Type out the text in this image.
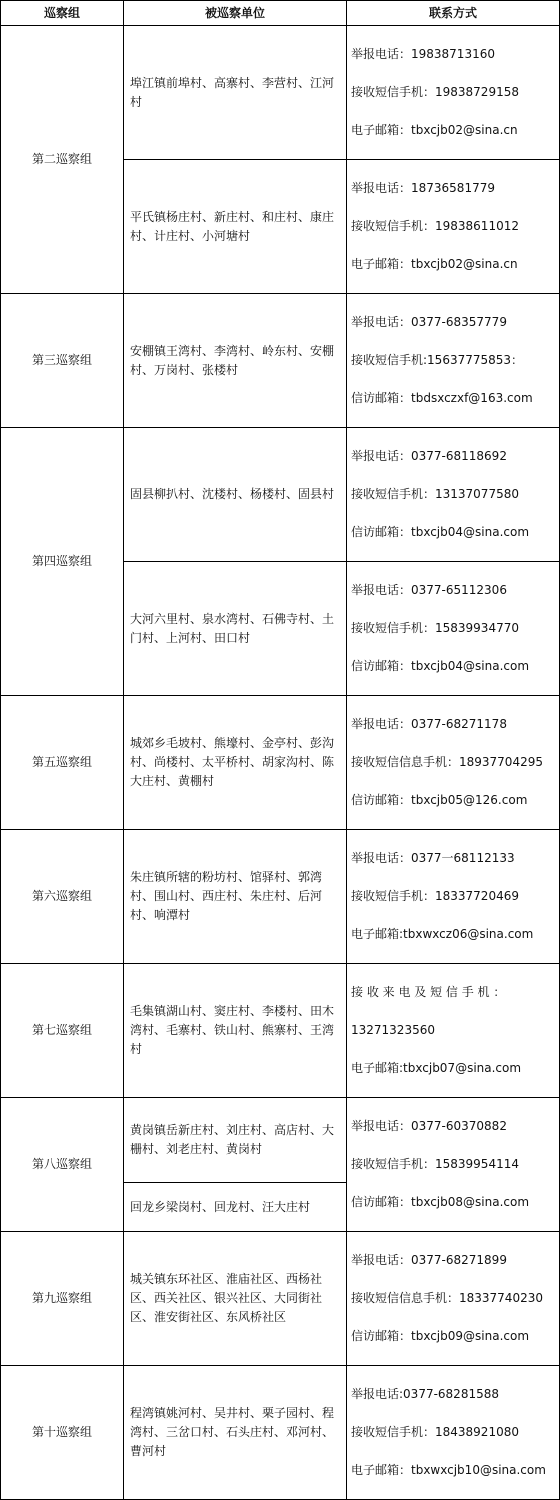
巡察组	被巡察单位	联系方式
第二巡察组	埠江镇前埠村、高寨村、李营村、江河村	举报电话：19838713160

接收短信手机：19838729158

电子邮箱：tbxcjb02@sina.cn

	平氏镇杨庄村、新庄村、和庄村、康庄村、计庄村、小河塘村	举报电话：18736581779

接收短信手机：19838611012

电子邮箱：tbxcjb02@sina.cn

第三巡察组	安棚镇王湾村、李湾村、岭东村、安棚村、万岗村、张楼村	举报电话：0377-68357779

接收短信手机:15637775853：

信访邮箱：tbdsxczxf@163.com

第四巡察组	固县柳扒村、沈楼村、杨楼村、固县村	举报电话：0377-68118692

接收短信手机：13137077580

信访邮箱：tbxcjb04@sina.com

	大河六里村、泉水湾村、石佛寺村、土门村、上河村、田口村	举报电话：0377-65112306

接收短信手机：15839934770

信访邮箱：tbxcjb04@sina.com

第五巡察组	城郊乡毛坡村、熊壕村、金亭村、彭沟村、尚楼村、太平桥村、胡家沟村、陈大庄村、黄棚村	举报电话：0377-68271178

接收短信信息手机：18937704295

信访邮箱：tbxcjb05@126.com

第六巡察组	朱庄镇所辖的粉坊村、馆驿村、郭湾村、围山村、西庄村、朱庄村、后河村、响潭村	举报电话：0377一68112133

接收短信手机：18337720469

电子邮箱:tbxwxcz06@sina.com

第七巡察组	毛集镇湖山村、窦庄村、李楼村、田木湾村、毛寨村、铁山村、熊寨村、王湾村	接 收 来 电 及 短 信 手 机 ：

13271323560

电子邮箱:tbxcjb07@sina.com

第八巡察组	黄岗镇岳新庄村、刘庄村、高店村、大栅村、刘老庄村、黄岗村	举报电话：0377-60370882

接收短信手机：15839954114

信访邮箱：tbxcjb08@sina.com

	回龙乡梁岗村、回龙村、汪大庄村	
第九巡察组	城关镇东环社区、淮庙社区、西杨社区、西关社区、银兴社区、大同街社区、淮安街社区、东风桥社区	举报电话：0377-68271899

接收短信信息手机：18337740230

信访邮箱：tbxcjb09@sina.com

第十巡察组	程湾镇姚河村、吴井村、栗子园村、程湾村、三岔口村、石头庄村、邓河村、曹河村	举报电话:0377-68281588

接收短信手机：18438921080

电子邮箱：tbxwxcjb10@sina.com
